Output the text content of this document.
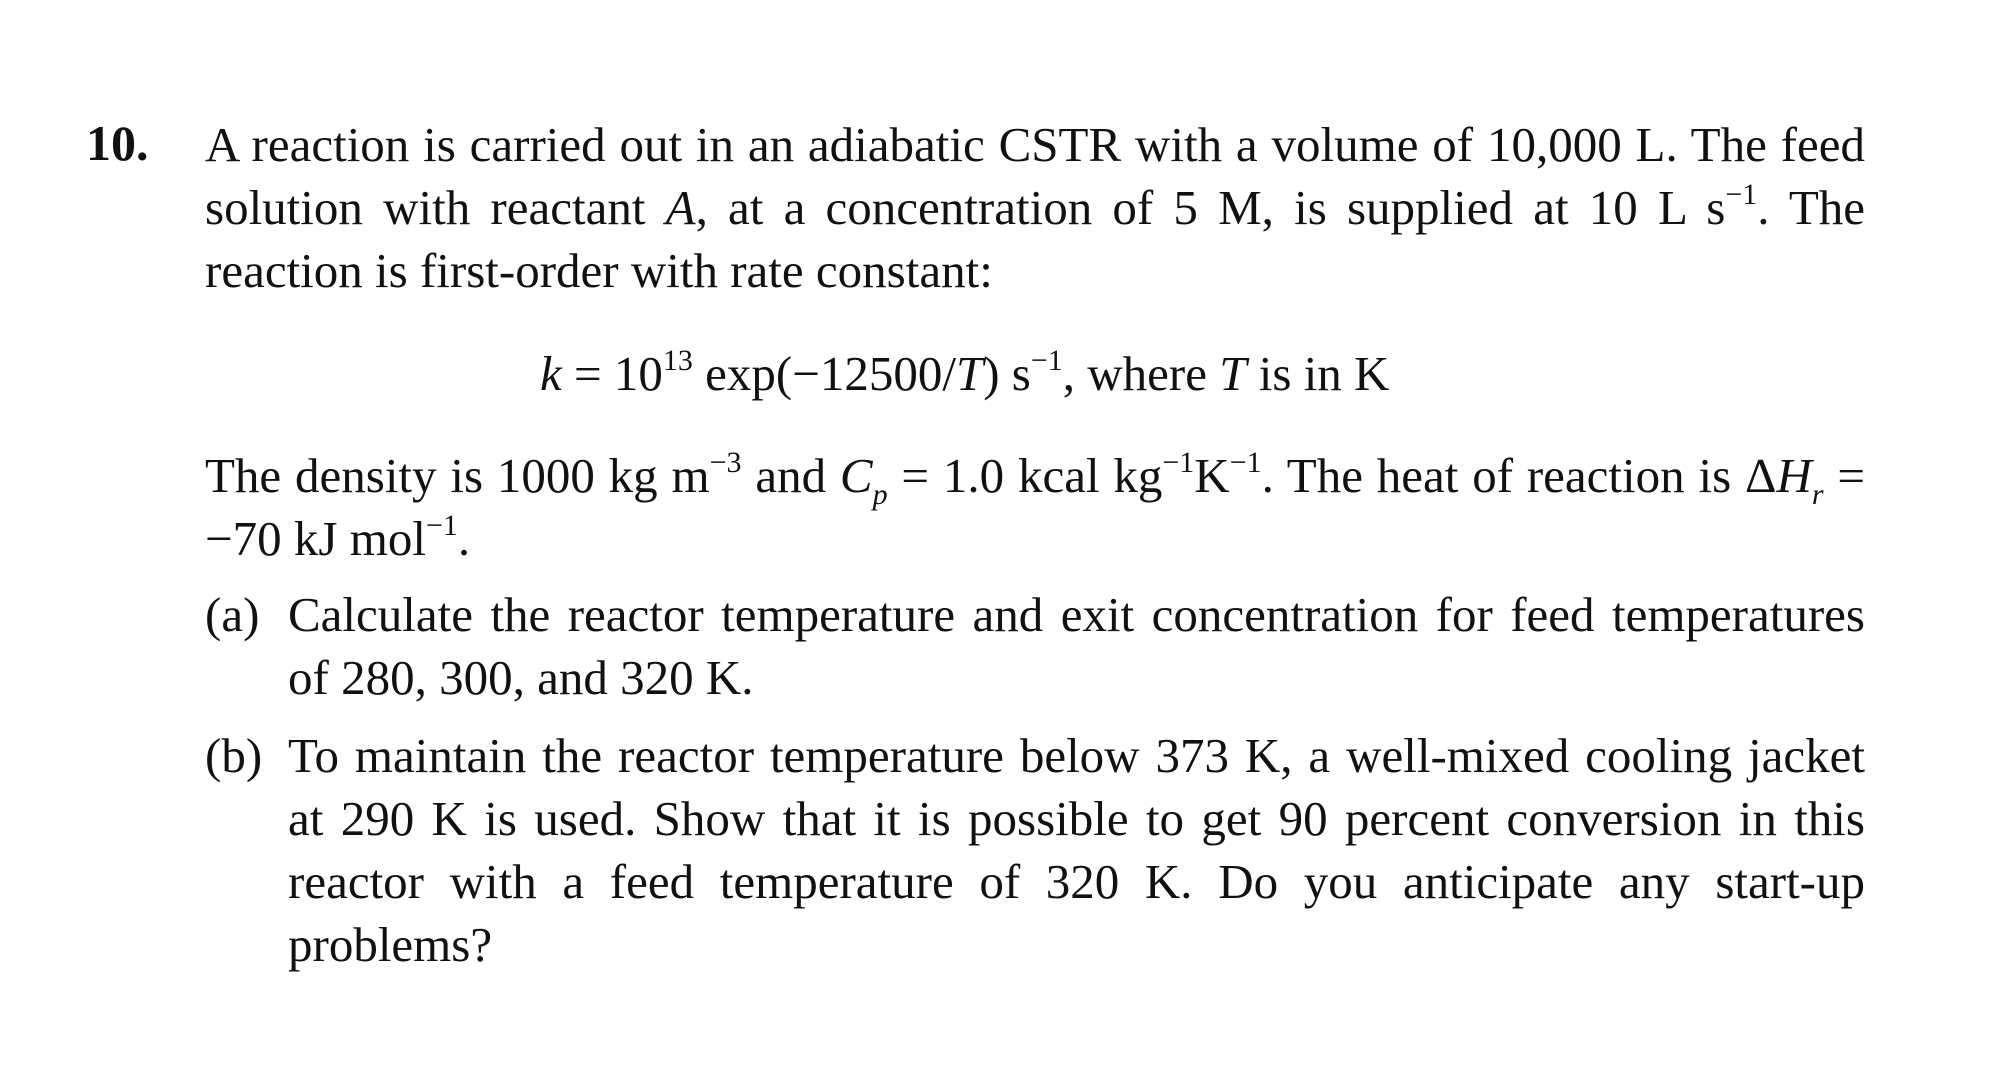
10. A reaction is carried out in an adiabatic CSTR with a volume of 10,000 L. The feed solution with reactant A, at a concentration of 5 M, is supplied at 10 L $s^{-1}$. The reaction is first-order with rate constant:
$k = 10^{13}$ exp(−12500/T) $s^{-1}$, where T is in K
The density is 1000 kg $m^{-3}$ and $C_p = 1.0$ kcal $kg^{-1}K^{-1}$. The heat of reaction is $\Delta H_r = -70$ kJ mol$^{-1}$.
(a) Calculate the reactor temperature and exit concentration for feed temperatures of 280, 300, and 320 K.
(b) To maintain the reactor temperature below 373 K, a well-mixed cooling jacket at 290 K is used. Show that it is possible to get 90 percent conversion in this reactor with a feed temperature of 320 K. Do you anticipate any start-up problems?
